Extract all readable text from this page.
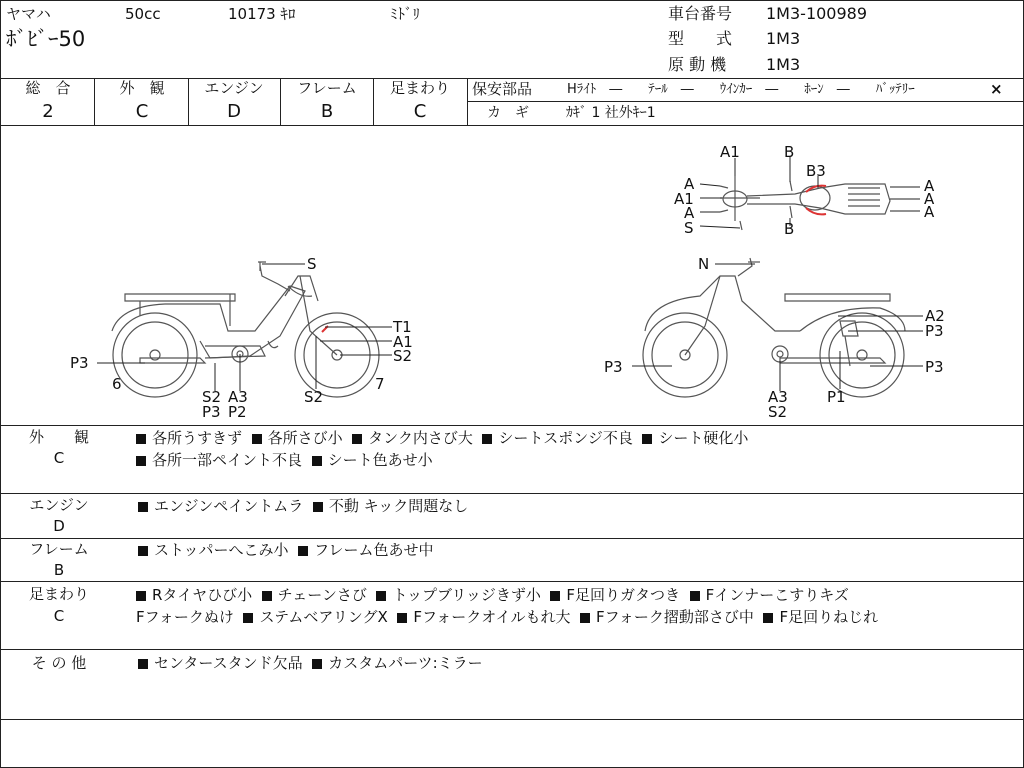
ヤマハ	50cc	10173 ｷﾛ	ﾐﾄﾞﾘ
ﾎﾞﾋﾞｰ50
車台番号 1M3-100989
型　　式 1M3
原 動 機 1M3
総　合
2
外　観
C
エンジン
D
フレーム
B
足まわり
C
保安部品	Hﾗｲﾄ　―　　ﾃｰﾙ　―　　ｳｲﾝｶｰ　―　　ﾎｰﾝ　―　　ﾊﾞｯﾃﾘｰ	×
カ　ギ	ｶｷﾞ 1 社外ｷｰ1
S
T1
A1
S2
7
P3
6
S2 A3
P3 P2
S2
N
A2
P3
P3
P3
A3
S2
P1
A1	B
B3
A
A1
A
S	B
A
A
A
外　　観
C
各所うすきず 各所さび小 タンク内さび大 シートスポンジ不良 シート硬化小
各所一部ペイント不良 シート色あせ小
エンジン
D
エンジンペイントムラ 不動 キック問題なし
フレーム
B
ストッパーへこみ小 フレーム色あせ中
足まわり
C
Rタイヤひび小 チェーンさび トップブリッジきず小 F足回りガタつき Fインナーこすりキズ
Fフォークぬけ ステムベアリングX Fフォークオイルもれ大 Fフォーク摺動部さび中 F足回りねじれ
そ の 他	センタースタンド欠品 カスタムパーツ:ミラー
